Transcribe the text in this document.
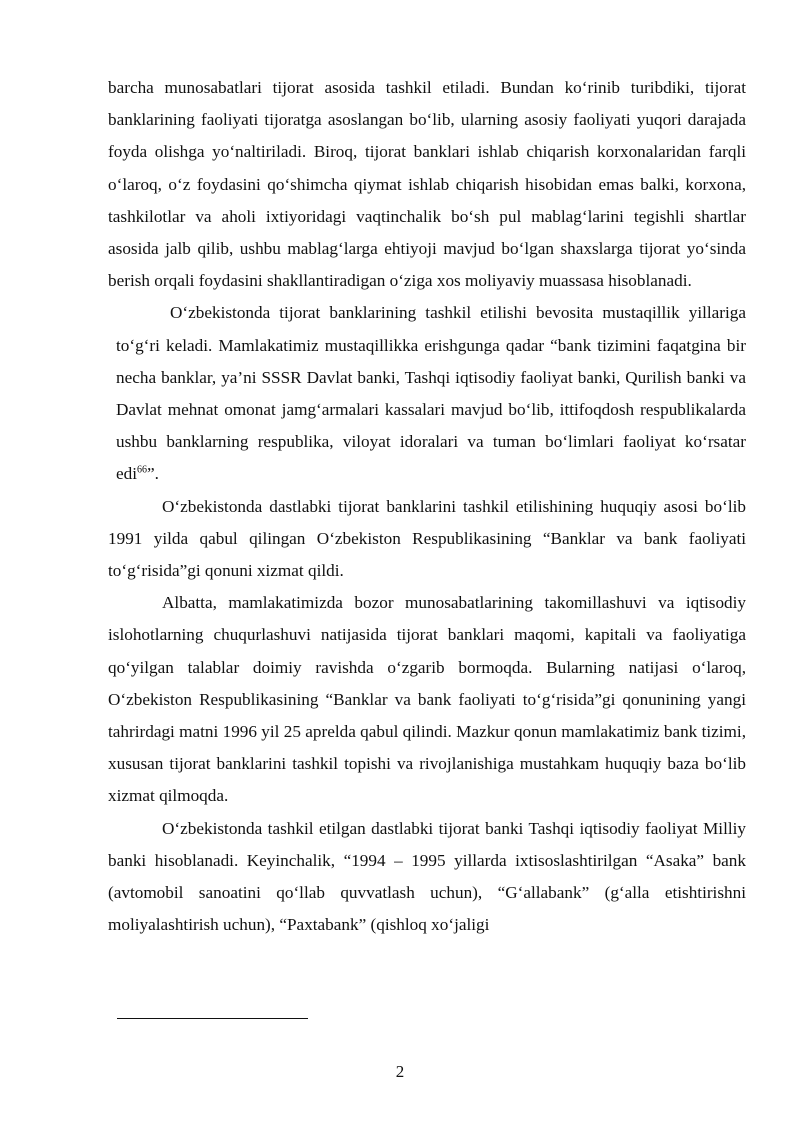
barcha munosabatlari tijorat asosida tashkil etiladi. Bundan ko‘rinib turibdiki, tijorat banklarining faoliyati tijoratga asoslangan bo‘lib, ularning asosiy faoliyati yuqori darajada foyda olishga yo‘naltiriladi. Biroq, tijorat banklari ishlab chiqarish korxonalaridan farqli o‘laroq, o‘z foydasini qo‘shimcha qiymat ishlab chiqarish hisobidan emas balki, korxona, tashkilotlar va aholi ixtiyoridagi vaqtinchalik bo‘sh pul mablag‘larini tegishli shartlar asosida jalb qilib, ushbu mablag‘larga ehtiyoji mavjud bo‘lgan shaxslarga tijorat yo‘sinda berish orqali foydasini shakllantiradigan o‘ziga xos moliyaviy muassasa hisoblanadi.

O‘zbekistonda tijorat banklarining tashkil etilishi bevosita mustaqillik yillariga to‘g‘ri keladi. Mamlakatimiz mustaqillikka erishgunga qadar “bank tizimini faqatgina bir necha banklar, ya’ni SSSR Davlat banki, Tashqi iqtisodiy faoliyat banki, Qurilish banki va Davlat mehnat omonat jamg‘armalari kassalari mavjud bo‘lib, ittifoqdosh respublikalarda ushbu banklarning respublika, viloyat idoralari va tuman bo‘limlari faoliyat ko‘rsatar edi$^{66}$”.

O‘zbekistonda dastlabki tijorat banklarini tashkil etilishining huquqiy asosi bo‘lib 1991 yilda qabul qilingan O‘zbekiston Respublikasining “Banklar va bank faoliyati to‘g‘risida”gi qonuni xizmat qildi.

Albatta, mamlakatimizda bozor munosabatlarining takomillashuvi va iqtisodiy islohotlarning chuqurlashuvi natijasida tijorat banklari maqomi, kapitali va faoliyatiga qo‘yilgan talablar doimiy ravishda o‘zgarib bormoqda. Bularning natijasi o‘laroq, O‘zbekiston Respublikasining “Banklar va bank faoliyati to‘g‘risida”gi qonunining yangi tahrirdagi matni 1996 yil 25 aprelda qabul qilindi. Mazkur qonun mamlakatimiz bank tizimi, xususan tijorat banklarini tashkil topishi va rivojlanishiga mustahkam huquqiy baza bo‘lib xizmat qilmoqda.

O‘zbekistonda tashkil etilgan dastlabki tijorat banki Tashqi iqtisodiy faoliyat Milliy banki hisoblanadi. Keyinchalik, “1994 – 1995 yillarda ixtisoslashtirilgan “Asaka” bank (avtomobil sanoatini qo‘llab quvvatlash uchun), “G‘allabank” (g‘alla etishtirishni moliyalashtirish uchun), “Paxtabank” (qishloq xo‘jaligi

2
